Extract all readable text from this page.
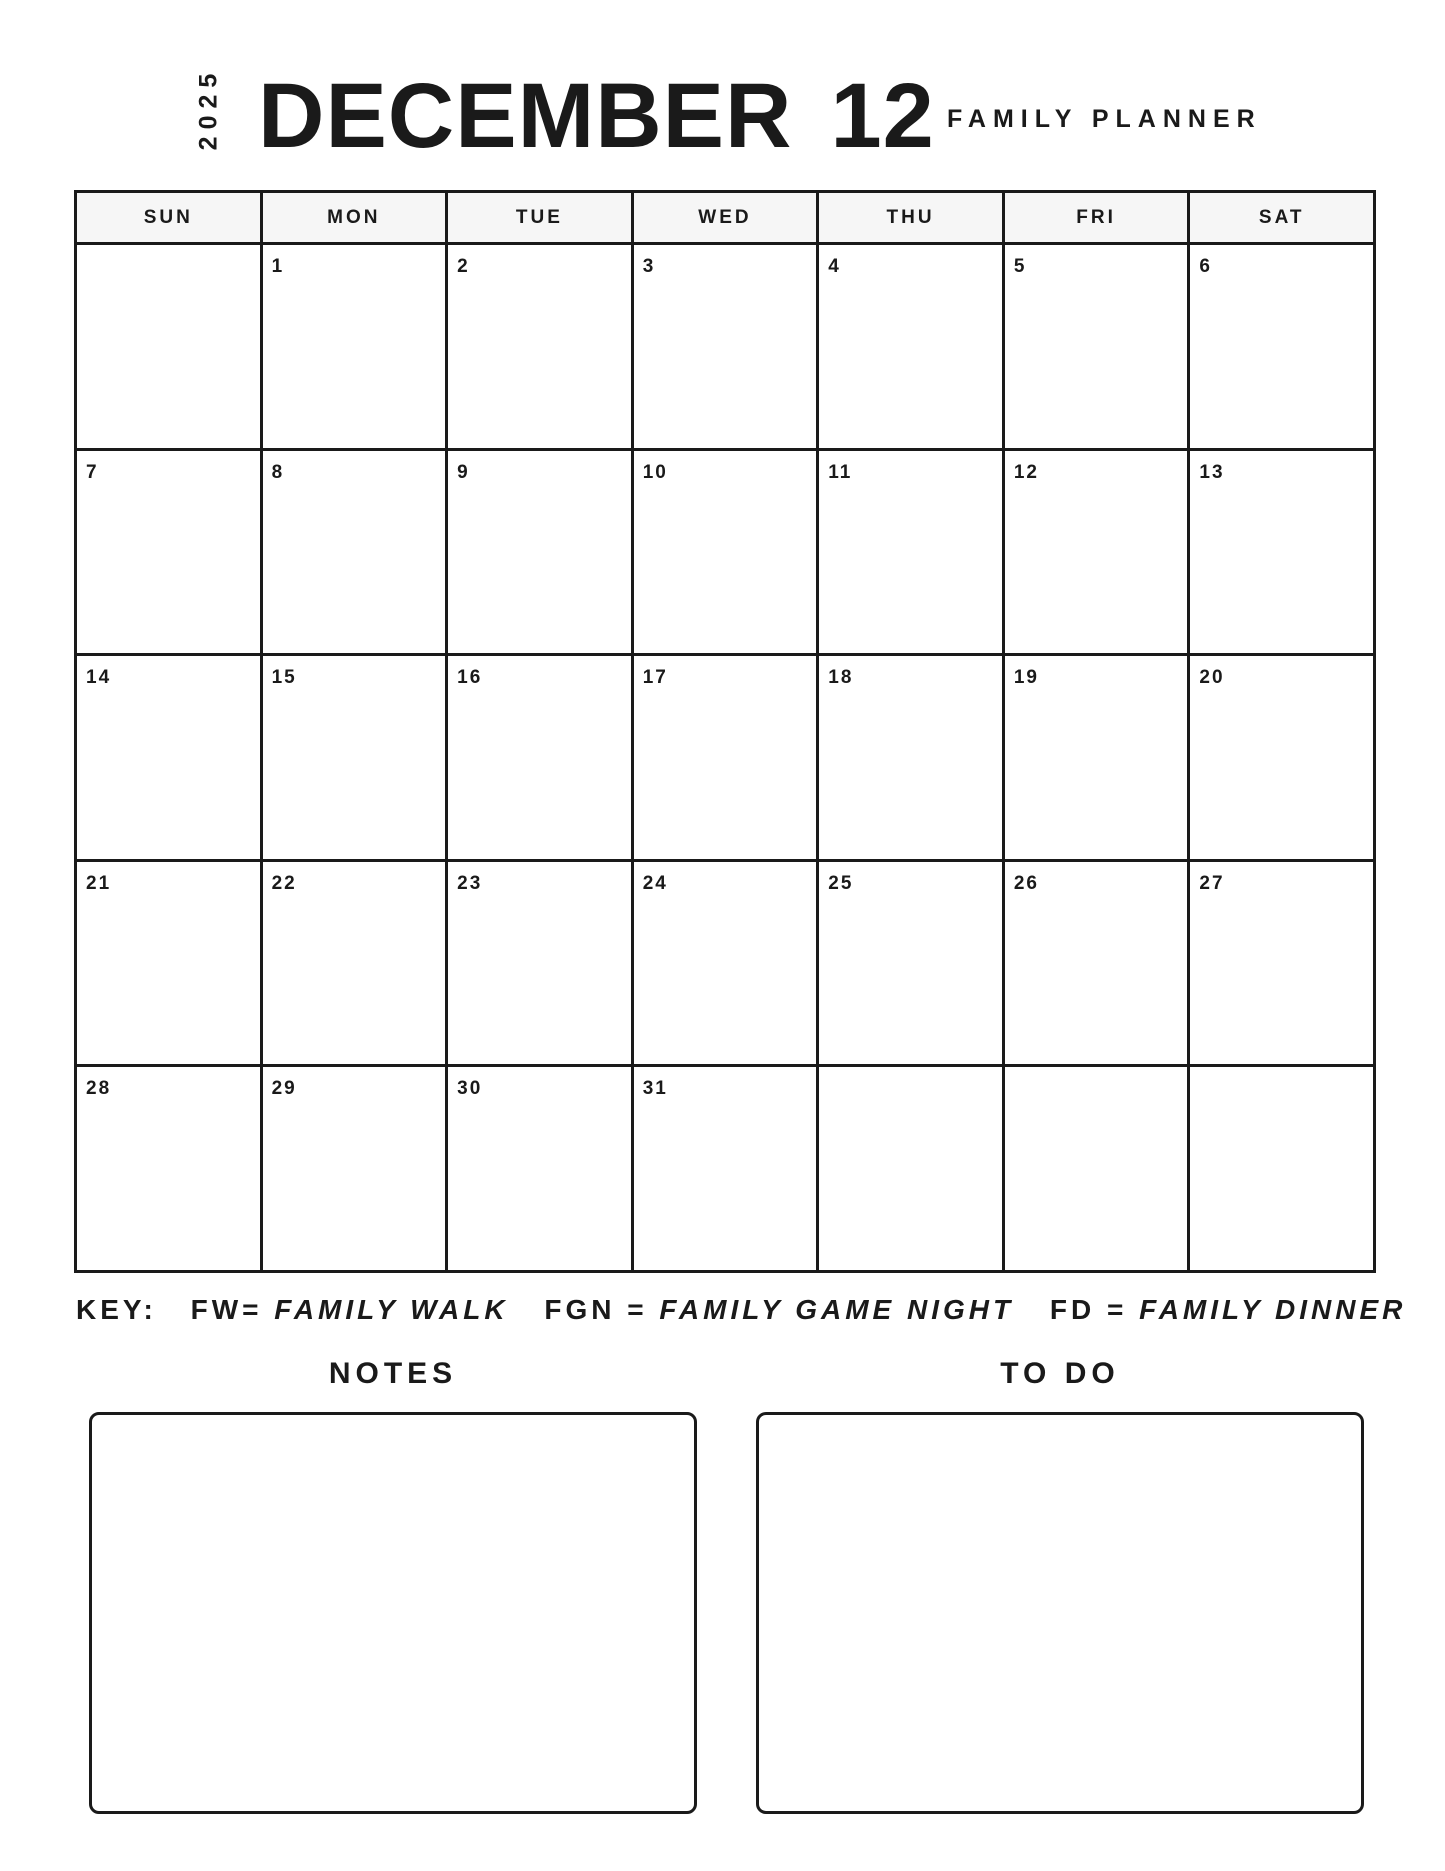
2025 DECEMBER 12 FAMILY PLANNER
SUN	MON	TUE	WED	THU	FRI	SAT
	1	2	3	4	5	6
7	8	9	10	11	12	13
14	15	16	17	18	19	20
21	22	23	24	25	26	27
28	29	30	31			
KEY: FW= FAMILY WALK FGN = FAMILY GAME NIGHT FD = FAMILY DINNER
NOTES	TO DO
